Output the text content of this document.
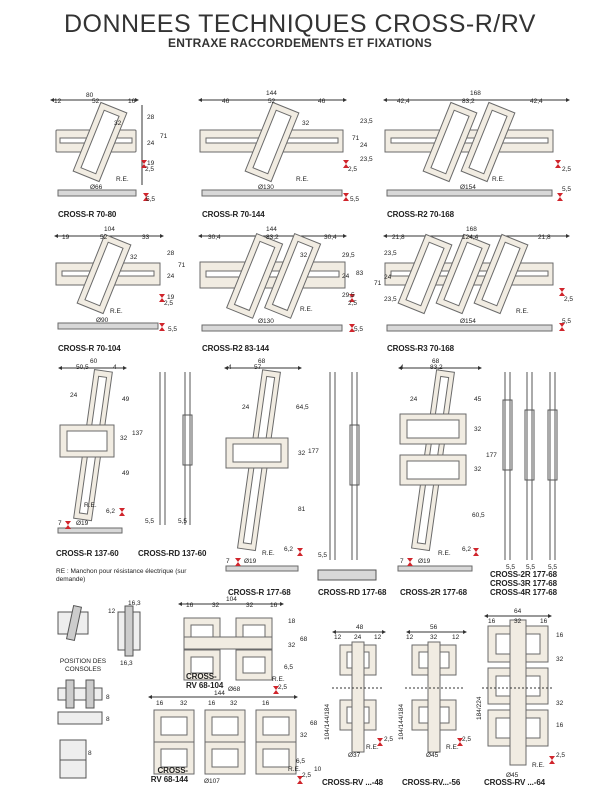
DONNEES TECHNIQUES CROSS-R/RV
ENTRAXE RACCORDEMENTS ET FIXATIONS
80
12	52	16
28
24
19
71
2,5
Ø66
5,5
32
R.E.
CROSS-R 70-80
144
46	52	46
23,5
24
23,5
71
2,5
Ø130
5,5
32
R.E.
CROSS-R 70-144
168
42,4	83,2	42,4
2,5
Ø154	5,5
R.E.
CROSS-R2 70-168
104
19	52	33
28
24
19
71
2,5
Ø90
5,5
32
R.E.
CROSS-R 70-104
144
30,4	83,2	30,4
29,5
24
29,5
83
2,5
Ø130
5,5
32
R.E.
CROSS-R2 83-144
168
21,8	124,4	21,8
23,5
24
23,5
71
2,5
Ø154	5,5
R.E.
CROSS-R3 70-168
60
50,5	4
24
49
32
49
137
6,2
7 Ø19
R.E.
CROSS-R 137-60
5,5	5,5
CROSS-RD 137-60
68
57
4
24	64,5
32
81
177
6,2
7 Ø19
R.E.
CROSS-R 177-68
5,5
CROSS-RD 177-68
68
83,2
4
24	45
32
32
60,5
177
6,2
7 Ø19
R.E.
CROSS-2R 177-68
5,5 5,5 5,5
CROSS-2R 177-68
CROSS-3R 177-68
CROSS-4R 177-68
RE : Manchon pour résistance électrique (sur demande)
16,3
12
16,3
8
8
8
POSITION DES CONSOLES
104
16	32	32	16
18
32
68
6,5
2,5
Ø68
R.E.
CROSS-RV 68-104
144
16	32	16 32	16
32
68
6,5
2,5
Ø107
R.E.
CROSS-RV 68-144
48
12 24 12
104/144/184	2,5
Ø37
10
R.E.
CROSS-RV ...-48
56
12	32 12
104/144/184	2,5
Ø45
R.E.
CROSS-RV...-56
64
16	32	16
184/224
16
32
32
16
2,5
Ø45
R.E.
CROSS-RV ...-64
